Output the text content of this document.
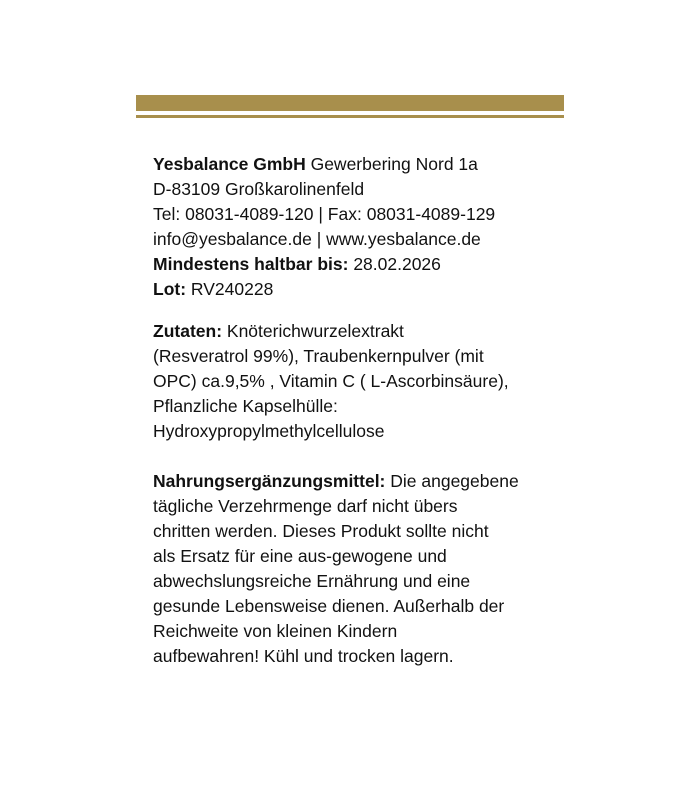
Yesbalance GmbH Gewerbering Nord 1a
D-83109 Großkarolinenfeld
Tel: 08031-4089-120 | Fax: 08031-4089-129
info@yesbalance.de | www.yesbalance.de
Mindestens haltbar bis: 28.02.2026
Lot: RV240228
Zutaten: Knöterichwurzelextrakt
(Resveratrol 99%), Traubenkernpulver (mit
OPC) ca.9,5% , Vitamin C ( L-Ascorbinsäure),
Pflanzliche Kapselhülle:
Hydroxypropylmethylcellulose
Nahrungsergänzungsmittel: Die angegebene
tägliche Verzehrmenge darf nicht übers
chritten werden. Dieses Produkt sollte nicht
als Ersatz für eine aus-gewogene und
abwechslungsreiche Ernährung und eine
gesunde Lebensweise dienen. Außerhalb der
Reichweite von kleinen Kindern
aufbewahren! Kühl und trocken lagern.
